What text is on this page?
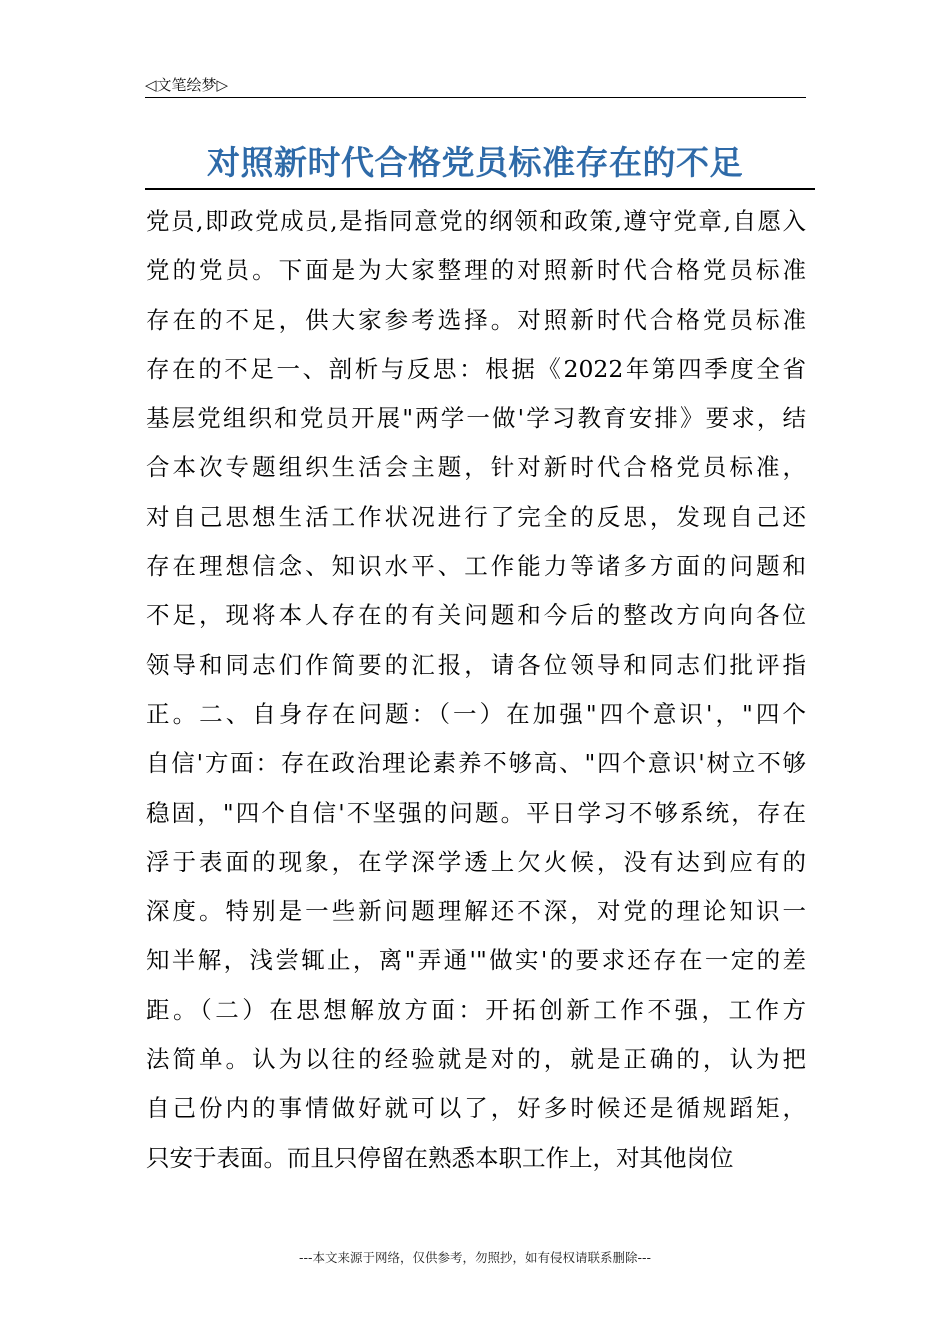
◁文笔绘梦▷
对照新时代合格党员标准存在的不足
党员,即政党成员,是指同意党的纲领和政策,遵守党章,自愿入
党的党员。下面是为大家整理的对照新时代合格党员标准
存在的不足，供大家参考选择。对照新时代合格党员标准
存在的不足一、剖析与反思：根据《2022年第四季度全省
基层党组织和党员开展"两学一做'学习教育安排》要求，结
合本次专题组织生活会主题，针对新时代合格党员标准，
对自己思想生活工作状况进行了完全的反思，发现自己还
存在理想信念、知识水平、工作能力等诸多方面的问题和
不足，现将本人存在的有关问题和今后的整改方向向各位
领导和同志们作简要的汇报，请各位领导和同志们批评指
正。二、自身存在问题：（一）在加强"四个意识'，"四个
自信'方面：存在政治理论素养不够高、"四个意识'树立不够
稳固，"四个自信'不坚强的问题。平日学习不够系统，存在
浮于表面的现象，在学深学透上欠火候，没有达到应有的
深度。特别是一些新问题理解还不深，对党的理论知识一
知半解，浅尝辄止，离"弄通'"做实'的要求还存在一定的差
距。（二）在思想解放方面：开拓创新工作不强，工作方
法简单。认为以往的经验就是对的，就是正确的，认为把
自己份内的事情做好就可以了，好多时候还是循规蹈矩，
只安于表面。而且只停留在熟悉本职工作上，对其他岗位
---本文来源于网络，仅供参考，勿照抄，如有侵权请联系删除---
